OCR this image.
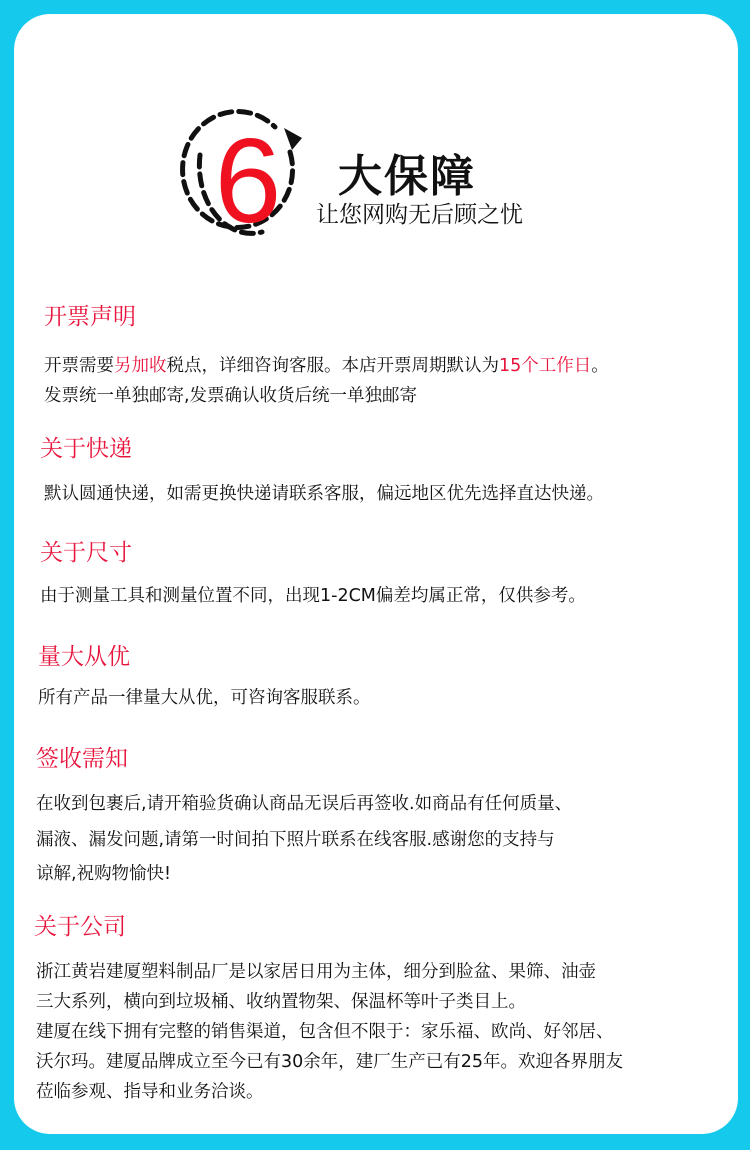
6 大保障
让您网购无后顾之忧
开票声明
开票需要另加收税点，详细咨询客服。本店开票周期默认为15个工作日。
发票统一单独邮寄,发票确认收货后统一单独邮寄
关于快递
默认圆通快递，如需更换快递请联系客服，偏远地区优先选择直达快递。
关于尺寸
由于测量工具和测量位置不同，出现1-2CM偏差均属正常，仅供参考。
量大从优
所有产品一律量大从优，可咨询客服联系。
签收需知
在收到包裹后,请开箱验货确认商品无误后再签收.如商品有任何质量、
漏液、漏发问题,请第一时间拍下照片联系在线客服.感谢您的支持与
谅解,祝购物愉快!
关于公司
浙江黄岩建厦塑料制品厂是以家居日用为主体，细分到脸盆、果筛、油壶
三大系列，横向到垃圾桶、收纳置物架、保温杯等叶子类目上。
建厦在线下拥有完整的销售渠道，包含但不限于：家乐福、欧尚、好邻居、
沃尔玛。建厦品牌成立至今已有30余年，建厂生产已有25年。欢迎各界朋友
莅临参观、指导和业务洽谈。
